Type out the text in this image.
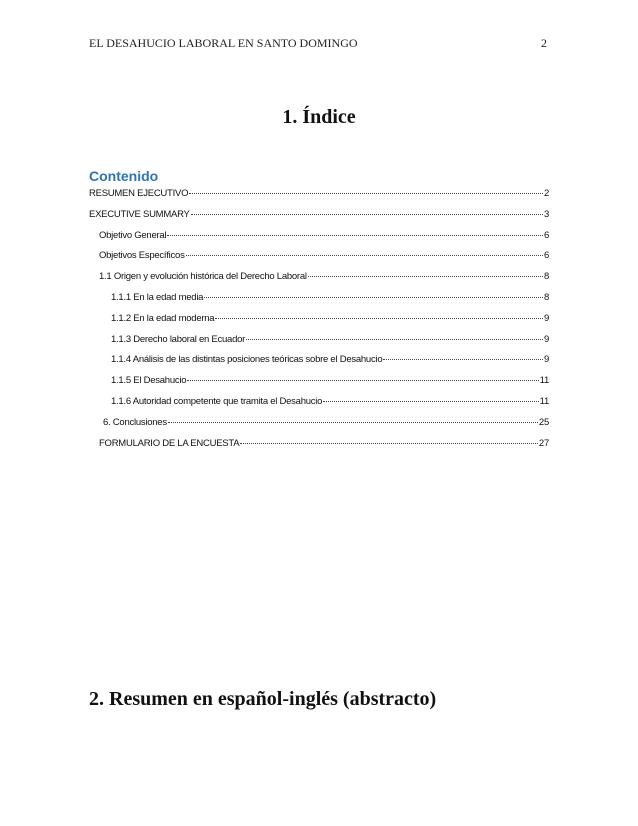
EL DESAHUCIO LABORAL EN SANTO DOMINGO	2
1. Índice
Contenido
RESUMEN EJECUTIVO	2
EXECUTIVE SUMMARY	3
Objetivo General	6
Objetivos Específicos	6
1.1 Origen y evolución histórica del Derecho Laboral	8
1.1.1 En la edad media	8
1.1.2 En la edad moderna	9
1.1.3 Derecho laboral en Ecuador	9
1.1.4 Análisis de las distintas posiciones teóricas sobre el Desahucio	9
1.1.5 El Desahucio	11
1.1.6 Autoridad competente que tramita el Desahucio	11
6. Conclusiones	25
FORMULARIO DE LA ENCUESTA	27
2. Resumen en español-inglés (abstracto)
